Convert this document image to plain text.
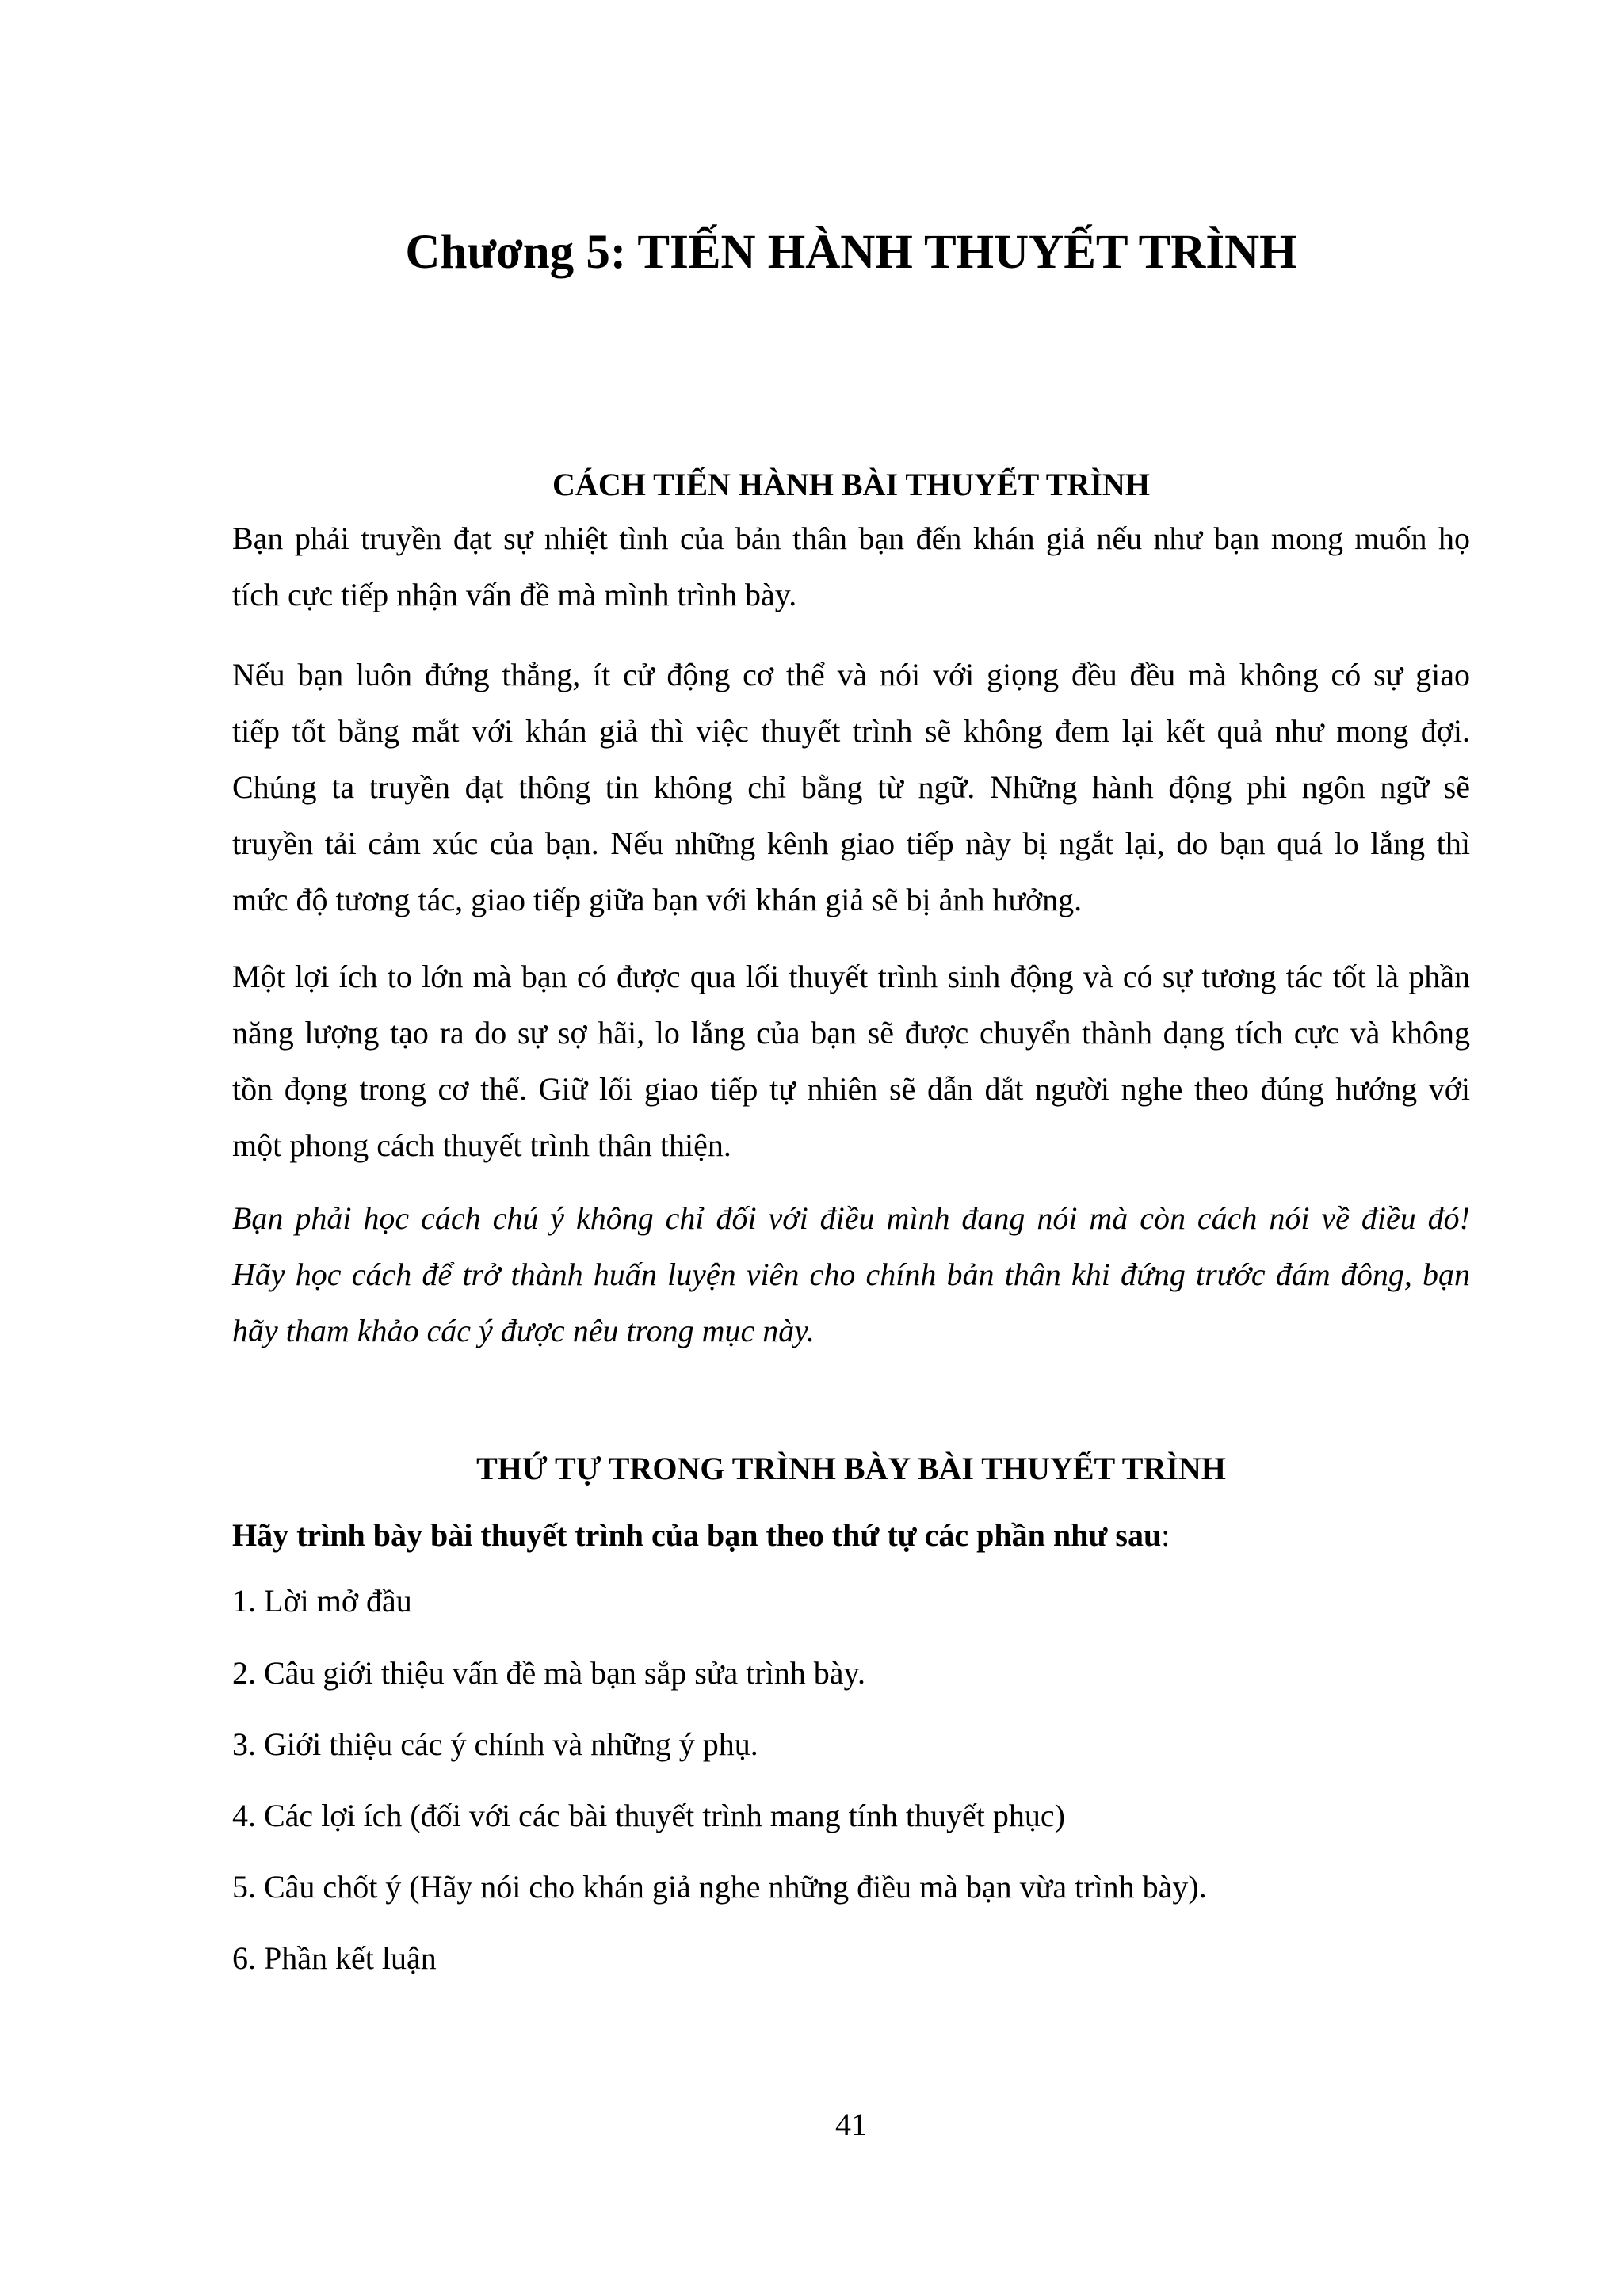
Chương 5: TIẾN HÀNH THUYẾT TRÌNH
CÁCH TIẾN HÀNH BÀI THUYẾT TRÌNH

Bạn phải truyền đạt sự nhiệt tình của bản thân bạn đến khán giả nếu như bạn mong muốn họ
tích cực tiếp nhận vấn đề mà mình trình bày.

Nếu bạn luôn đứng thẳng, ít cử động cơ thể và nói với giọng đều đều mà không có sự giao
tiếp tốt bằng mắt với khán giả thì việc thuyết trình sẽ không đem lại kết quả như mong đợi.
Chúng ta truyền đạt thông tin không chỉ bằng từ ngữ. Những hành động phi ngôn ngữ sẽ
truyền tải cảm xúc của bạn. Nếu những kênh giao tiếp này bị ngắt lại, do bạn quá lo lắng thì
mức độ tương tác, giao tiếp giữa bạn với khán giả sẽ bị ảnh hưởng.

Một lợi ích to lớn mà bạn có được qua lối thuyết trình sinh động và có sự tương tác tốt là phần
năng lượng tạo ra do sự sợ hãi, lo lắng của bạn sẽ được chuyển thành dạng tích cực và không
tồn đọng trong cơ thể. Giữ lối giao tiếp tự nhiên sẽ dẫn dắt người nghe theo đúng hướng với
một phong cách thuyết trình thân thiện.

Bạn phải học cách chú ý không chỉ đối với điều mình đang nói mà còn cách nói về điều đó!
Hãy học cách để trở thành huấn luyện viên cho chính bản thân khi đứng trước đám đông, bạn
hãy tham khảo các ý được nêu trong mục này.

THỨ TỰ TRONG TRÌNH BÀY BÀI THUYẾT TRÌNH

Hãy trình bày bài thuyết trình của bạn theo thứ tự các phần như sau:

1. Lời mở đầu
2. Câu giới thiệu vấn đề mà bạn sắp sửa trình bày.
3. Giới thiệu các ý chính và những ý phụ.
4. Các lợi ích (đối với các bài thuyết trình mang tính thuyết phục)
5. Câu chốt ý (Hãy nói cho khán giả nghe những điều mà bạn vừa trình bày).
6. Phần kết luận

41
